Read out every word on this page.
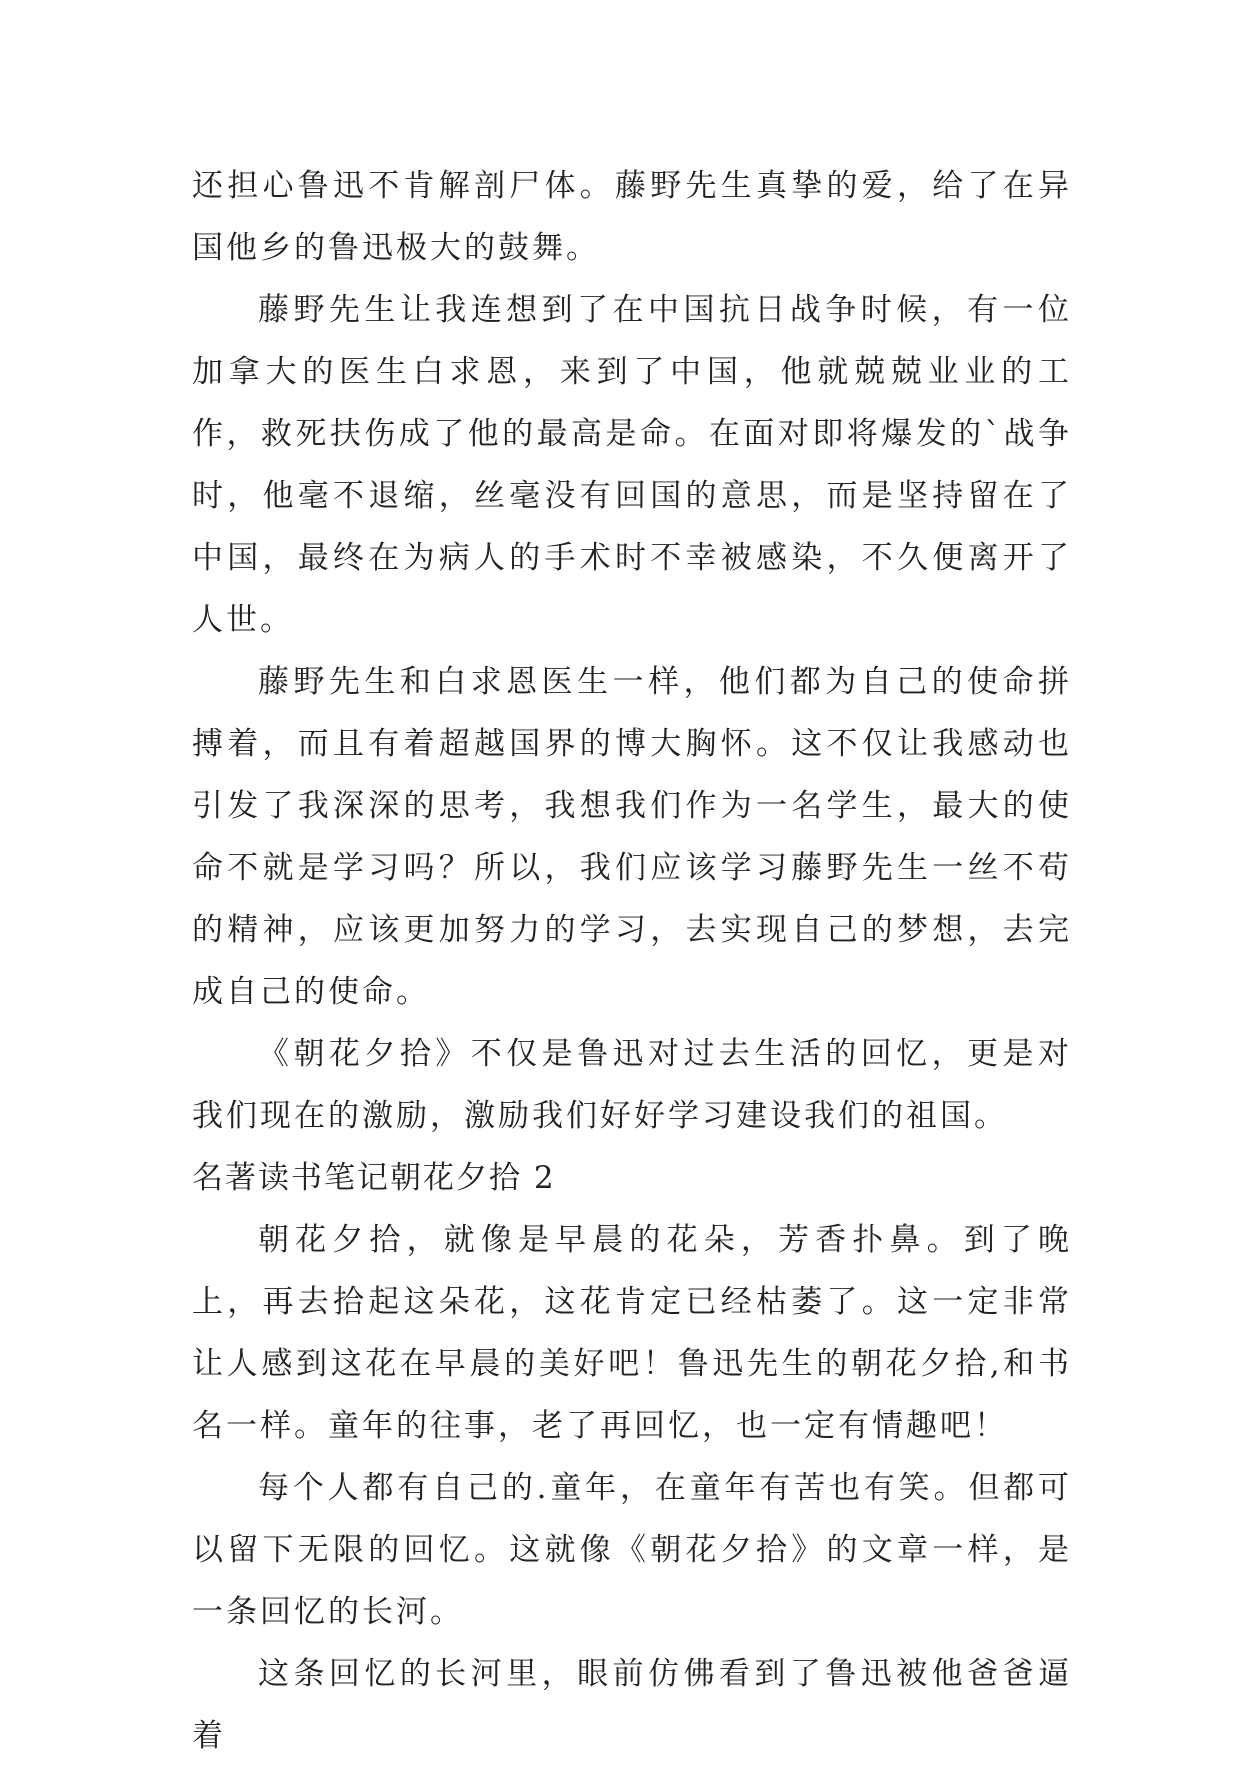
还担心鲁迅不肯解剖尸体。藤野先生真挚的爱，给了在异国他乡的鲁迅极大的鼓舞。

藤野先生让我连想到了在中国抗日战争时候，有一位加拿大的医生白求恩，来到了中国，他就兢兢业业的工作，救死扶伤成了他的最高是命。在面对即将爆发的`战争时，他毫不退缩，丝毫没有回国的意思，而是坚持留在了中国，最终在为病人的手术时不幸被感染，不久便离开了人世。

藤野先生和白求恩医生一样，他们都为自己的使命拼搏着，而且有着超越国界的博大胸怀。这不仅让我感动也引发了我深深的思考，我想我们作为一名学生，最大的使命不就是学习吗？所以，我们应该学习藤野先生一丝不苟的精神，应该更加努力的学习，去实现自己的梦想，去完成自己的使命。

《朝花夕拾》不仅是鲁迅对过去生活的回忆，更是对我们现在的激励，激励我们好好学习建设我们的祖国。

名著读书笔记朝花夕拾 2

朝花夕拾，就像是早晨的花朵，芳香扑鼻。到了晚上，再去拾起这朵花，这花肯定已经枯萎了。这一定非常让人感到这花在早晨的美好吧！鲁迅先生的朝花夕拾,和书名一样。童年的往事，老了再回忆，也一定有情趣吧！

每个人都有自己的.童年，在童年有苦也有笑。但都可以留下无限的回忆。这就像《朝花夕拾》的文章一样，是一条回忆的长河。

这条回忆的长河里，眼前仿佛看到了鲁迅被他爸爸逼着
